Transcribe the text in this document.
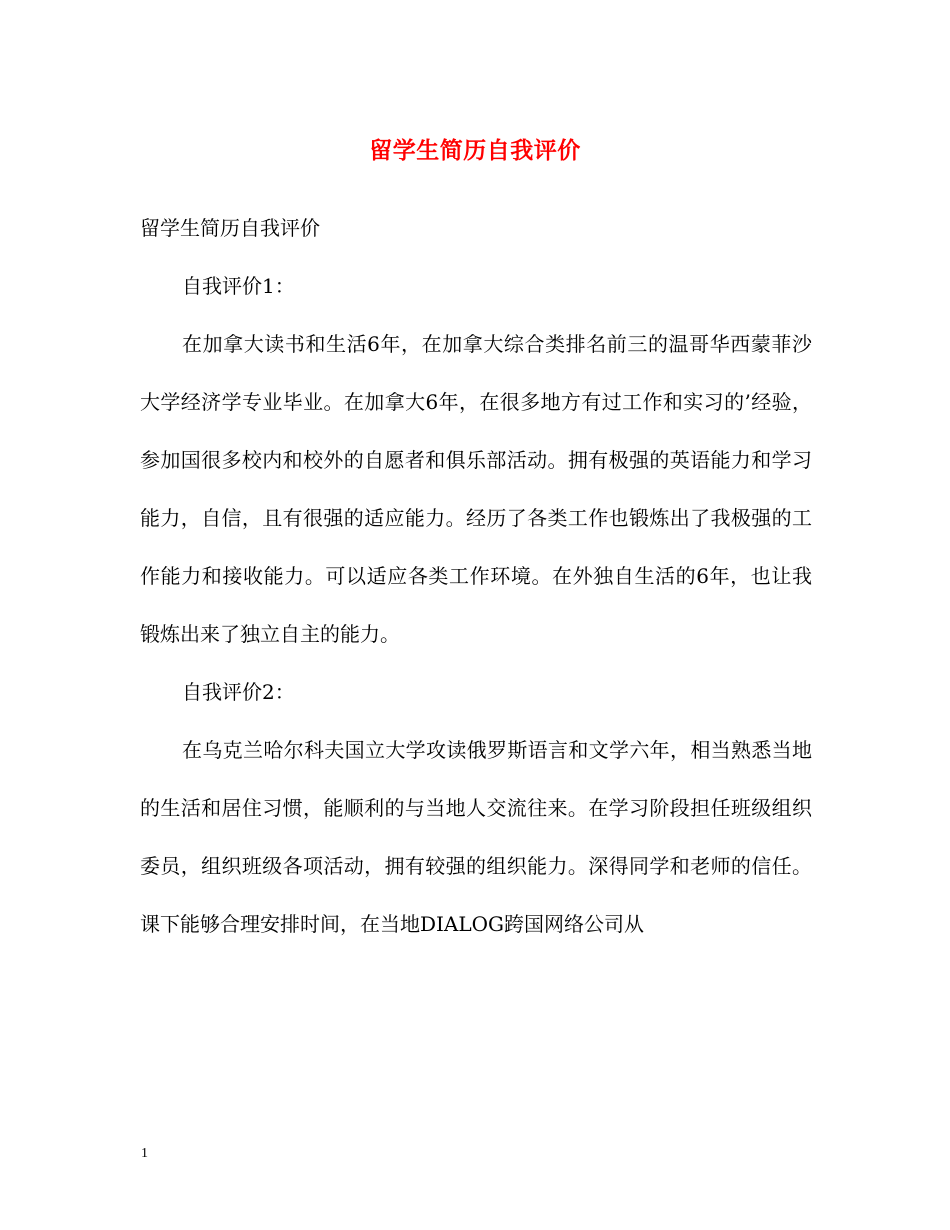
留学生简历自我评价

留学生简历自我评价

自我评价1：

在加拿大读书和生活6年，在加拿大综合类排名前三的温哥华西蒙菲沙大学经济学专业毕业。在加拿大6年，在很多地方有过工作和实习的’经验，参加国很多校内和校外的自愿者和俱乐部活动。拥有极强的英语能力和学习能力，自信，且有很强的适应能力。经历了各类工作也锻炼出了我极强的工作能力和接收能力。可以适应各类工作环境。在外独自生活的6年，也让我锻炼出来了独立自主的能力。

自我评价2：

在乌克兰哈尔科夫国立大学攻读俄罗斯语言和文学六年，相当熟悉当地的生活和居住习惯，能顺利的与当地人交流往来。在学习阶段担任班级组织委员，组织班级各项活动，拥有较强的组织能力。深得同学和老师的信任。课下能够合理安排时间，在当地DIALOG跨国网络公司从

1
